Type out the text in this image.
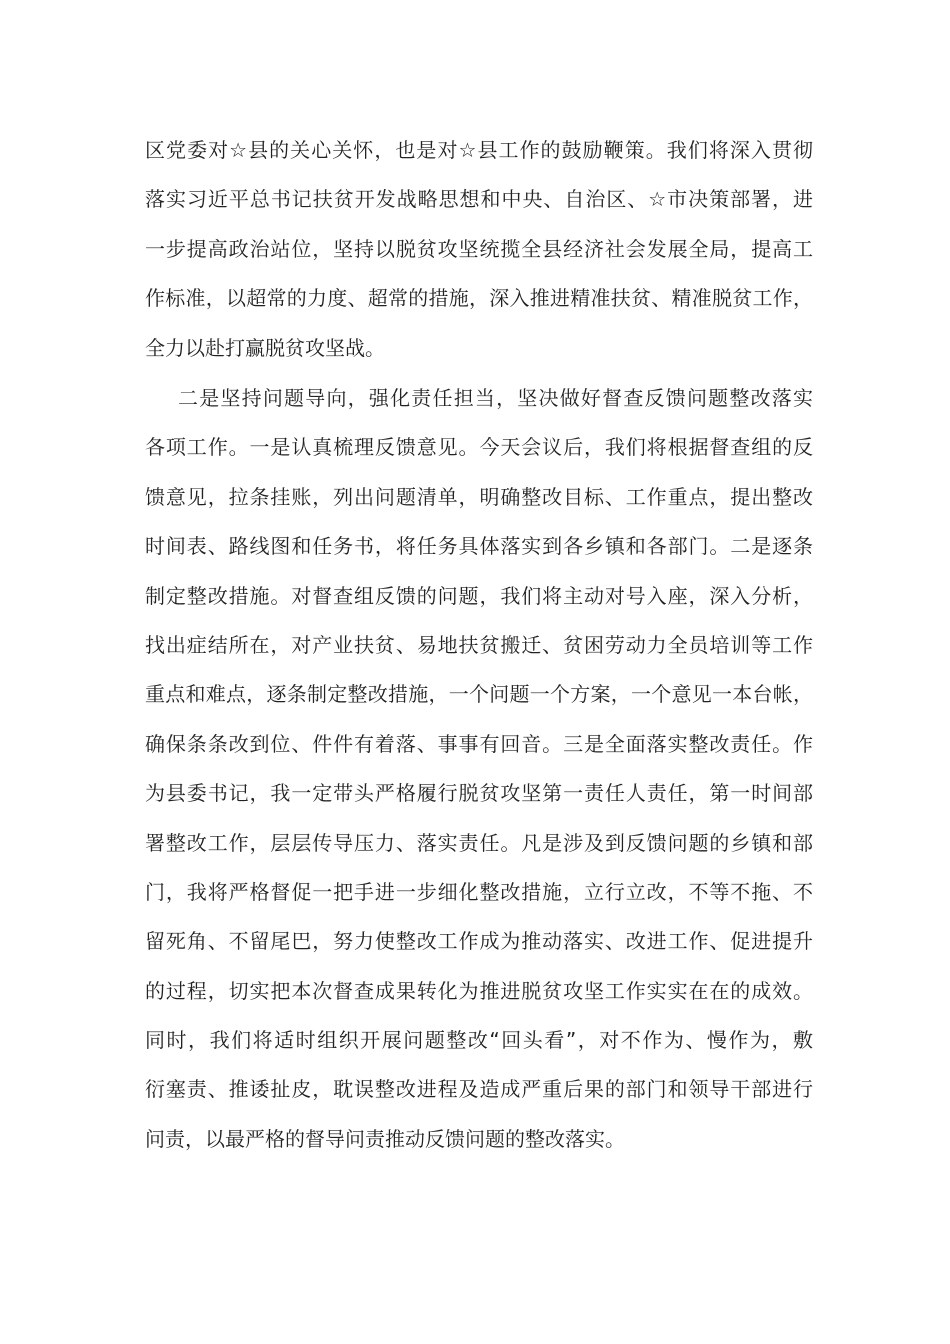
区党委对☆县的关心关怀，也是对☆县工作的鼓励鞭策。我们将深入贯彻
落实习近平总书记扶贫开发战略思想和中央、自治区、☆市决策部署，进
一步提高政治站位，坚持以脱贫攻坚统揽全县经济社会发展全局，提高工
作标准，以超常的力度、超常的措施，深入推进精准扶贫、精准脱贫工作，
全力以赴打赢脱贫攻坚战。
二是坚持问题导向，强化责任担当，坚决做好督查反馈问题整改落实
各项工作。一是认真梳理反馈意见。今天会议后，我们将根据督查组的反
馈意见，拉条挂账，列出问题清单，明确整改目标、工作重点，提出整改
时间表、路线图和任务书，将任务具体落实到各乡镇和各部门。二是逐条
制定整改措施。对督查组反馈的问题，我们将主动对号入座，深入分析，
找出症结所在，对产业扶贫、易地扶贫搬迁、贫困劳动力全员培训等工作
重点和难点，逐条制定整改措施，一个问题一个方案，一个意见一本台帐，
确保条条改到位、件件有着落、事事有回音。三是全面落实整改责任。作
为县委书记，我一定带头严格履行脱贫攻坚第一责任人责任，第一时间部
署整改工作，层层传导压力、落实责任。凡是涉及到反馈问题的乡镇和部
门，我将严格督促一把手进一步细化整改措施，立行立改，不等不拖、不
留死角、不留尾巴，努力使整改工作成为推动落实、改进工作、促进提升
的过程，切实把本次督查成果转化为推进脱贫攻坚工作实实在在的成效。
同时，我们将适时组织开展问题整改“回头看”，对不作为、慢作为，敷
衍塞责、推诿扯皮，耽误整改进程及造成严重后果的部门和领导干部进行
问责，以最严格的督导问责推动反馈问题的整改落实。
